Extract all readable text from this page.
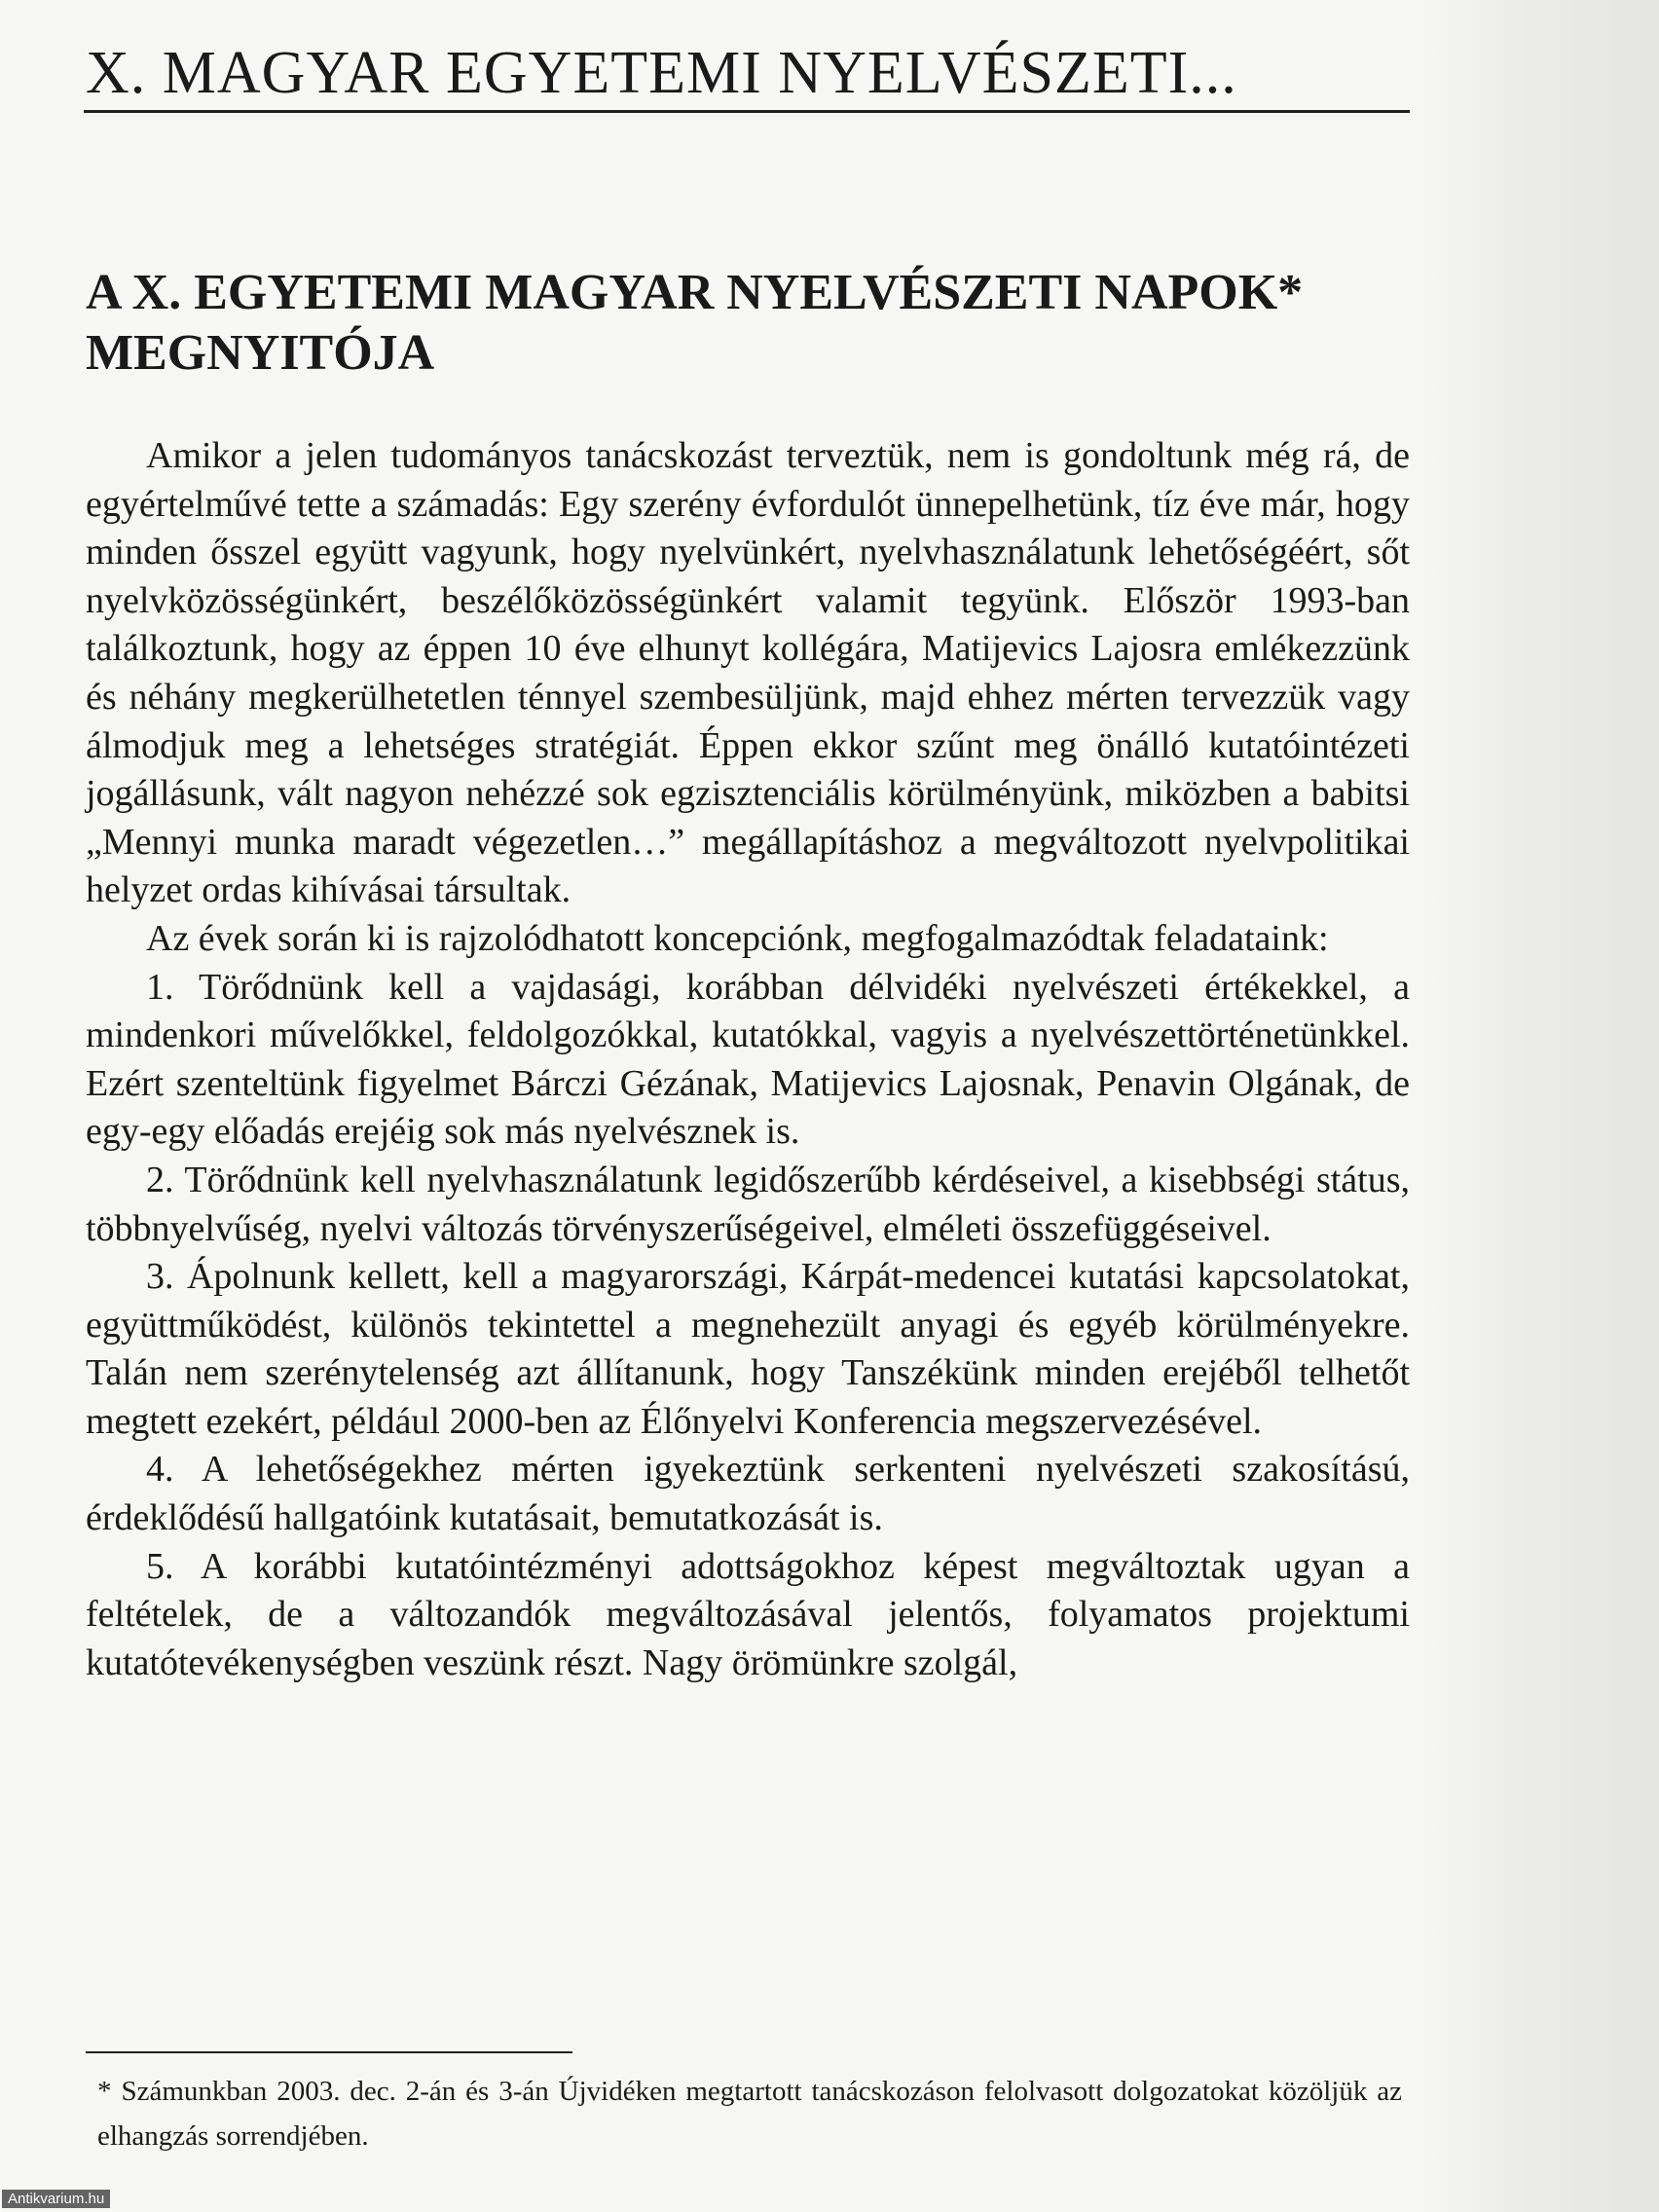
X. MAGYAR EGYETEMI NYELVÉSZETI...
A X. EGYETEMI MAGYAR NYELVÉSZETI NAPOK*
MEGNYITÓJA

Amikor a jelen tudományos tanácskozást terveztük, nem is gondoltunk még rá, de egyértelművé tette a számadás: Egy szerény évfordulót ünnepelhetünk, tíz éve már, hogy minden ősszel együtt vagyunk, hogy nyelvünkért, nyelvhasználatunk lehetőségéért, sőt nyelvközösségünkért, beszélőközösségünkért valamit tegyünk. Először 1993-ban találkoztunk, hogy az éppen 10 éve elhunyt kollégára, Matijevics Lajosra emlékezzünk és néhány megkerülhetetlen ténnyel szembesüljünk, majd ehhez mérten tervezzük vagy álmodjuk meg a lehetséges stratégiát. Éppen ekkor szűnt meg önálló kutatóintézeti jogállásunk, vált nagyon nehézzé sok egzisztenciális körülményünk, miközben a babitsi „Mennyi munka maradt végezetlen…” megállapításhoz a megváltozott nyelvpolitikai helyzet ordas kihívásai társultak.

Az évek során ki is rajzolódhatott koncepciónk, megfogalmazódtak feladataink:

1. Törődnünk kell a vajdasági, korábban délvidéki nyelvészeti értékekkel, a mindenkori művelőkkel, feldolgozókkal, kutatókkal, vagyis a nyelvészettörténetünkkel. Ezért szenteltünk figyelmet Bárczi Gézának, Matijevics Lajosnak, Penavin Olgának, de egy-egy előadás erejéig sok más nyelvésznek is.

2. Törődnünk kell nyelvhasználatunk legidőszerűbb kérdéseivel, a kisebbségi státus, többnyelvűség, nyelvi változás törvényszerűségeivel, elméleti összefüggéseivel.

3. Ápolnunk kellett, kell a magyarországi, Kárpát-medencei kutatási kapcsolatokat, együttműködést, különös tekintettel a megnehezült anyagi és egyéb körülményekre. Talán nem szerénytelenség azt állítanunk, hogy Tanszékünk minden erejéből telhetőt megtett ezekért, például 2000-ben az Élőnyelvi Konferencia megszervezésével.

4. A lehetőségekhez mérten igyekeztünk serkenteni nyelvészeti szakosítású, érdeklődésű hallgatóink kutatásait, bemutatkozását is.

5. A korábbi kutatóintézményi adottságokhoz képest megváltoztak ugyan a feltételek, de a változandók megváltozásával jelentős, folyamatos projektumi kutatótevékenységben veszünk részt. Nagy örömünkre szolgál,

* Számunkban 2003. dec. 2-án és 3-án Újvidéken megtartott tanácskozáson felolvasott dolgozatokat közöljük az elhangzás sorrendjében.
Antikvarium.hu
